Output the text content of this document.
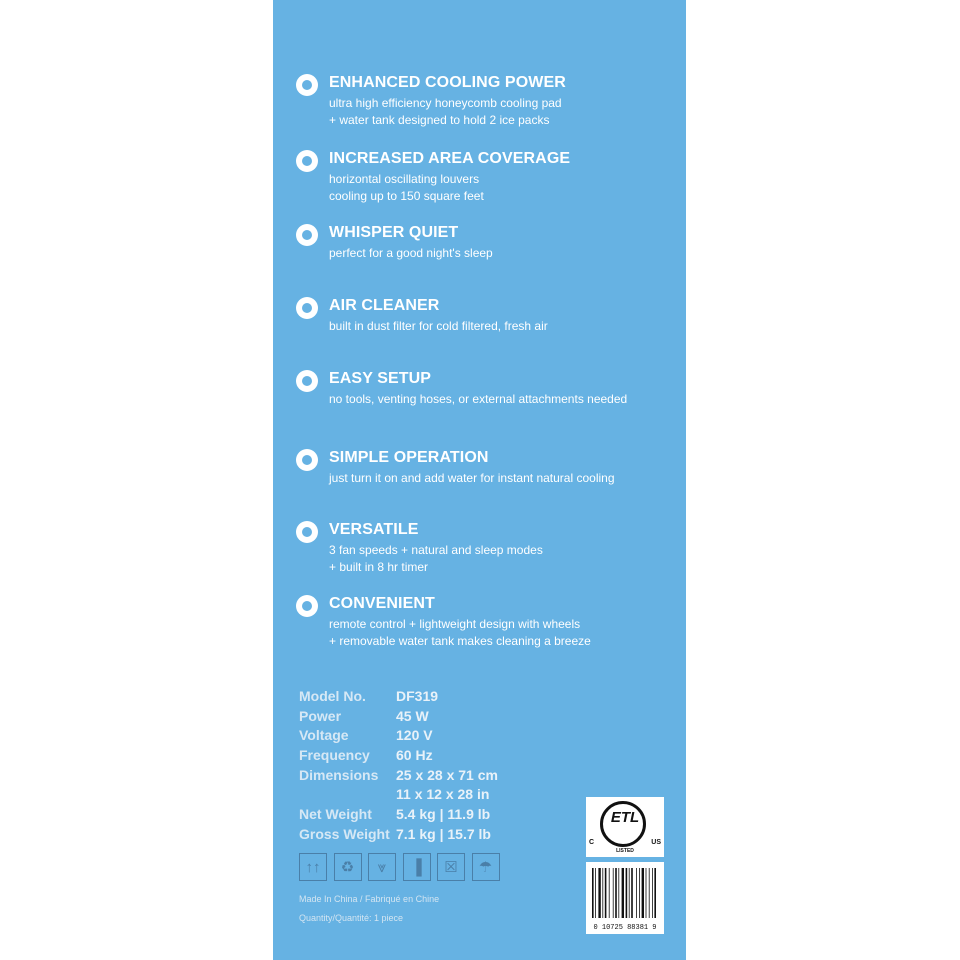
ENHANCED COOLING POWER
ultra high efficiency honeycomb cooling pad
+ water tank designed to hold 2 ice packs
INCREASED AREA COVERAGE
horizontal oscillating louvers
cooling up to 150 square feet
WHISPER QUIET
perfect for a good night's sleep
AIR CLEANER
built in dust filter for cold filtered, fresh air
EASY SETUP
no tools, venting hoses, or external attachments needed
SIMPLE OPERATION
just turn it on and add water for instant natural cooling
VERSATILE
3 fan speeds + natural and sleep modes
+ built in 8 hr timer
CONVENIENT
remote control + lightweight design with wheels
+ removable water tank makes cleaning a breeze
Model No. DF319
Power	45 W
Voltage	120 V
Frequency 60 Hz
Dimensions 25 x 28 x 71 cm
11 x 12 x 28 in
Net Weight 5.4 kg | 11.9 lb
Gross Weight 7.1 kg | 15.7 lb
↑↑	♻	⩔	▐	☒	☂
Made In China / Fabriqué en Chine
Quantity/Quantité: 1 piece
ETL
C	US
LISTED
0 10725 88381 9
